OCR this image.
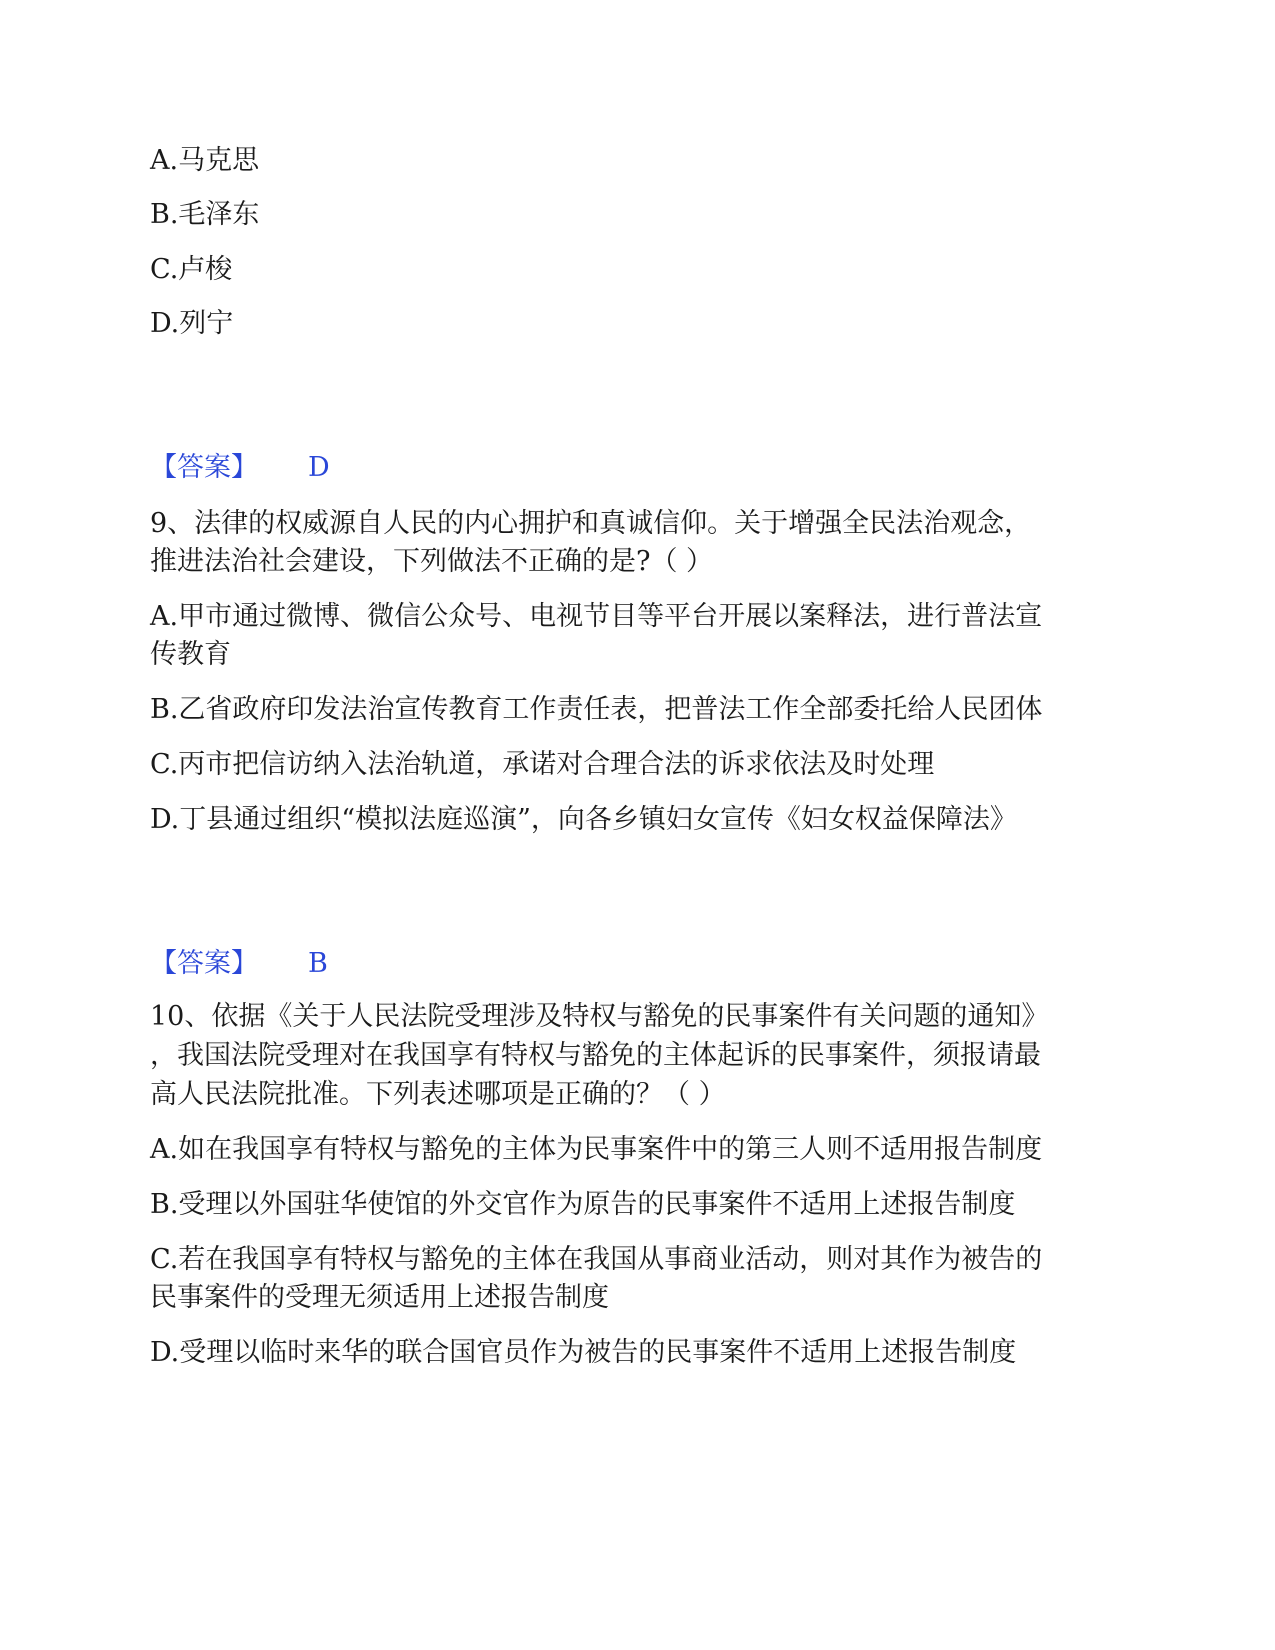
A.马克思
B.毛泽东
C.卢梭
D.列宁
【答案】 D
9、法律的权威源自人民的内心拥护和真诚信仰。关于增强全民法治观念，
推进法治社会建设，下列做法不正确的是?（ ）
A.甲市通过微博、微信公众号、电视节目等平台开展以案释法，进行普法宣
传教育
B.乙省政府印发法治宣传教育工作责任表，把普法工作全部委托给人民团体
C.丙市把信访纳入法治轨道，承诺对合理合法的诉求依法及时处理
D.丁县通过组织“模拟法庭巡演”，向各乡镇妇女宣传《妇女权益保障法》
【答案】 B
10、依据《关于人民法院受理涉及特权与豁免的民事案件有关问题的通知》
，我国法院受理对在我国享有特权与豁免的主体起诉的民事案件，须报请最
高人民法院批准。下列表述哪项是正确的？（ ）
A.如在我国享有特权与豁免的主体为民事案件中的第三人则不适用报告制度
B.受理以外国驻华使馆的外交官作为原告的民事案件不适用上述报告制度
C.若在我国享有特权与豁免的主体在我国从事商业活动，则对其作为被告的
民事案件的受理无须适用上述报告制度
D.受理以临时来华的联合国官员作为被告的民事案件不适用上述报告制度
